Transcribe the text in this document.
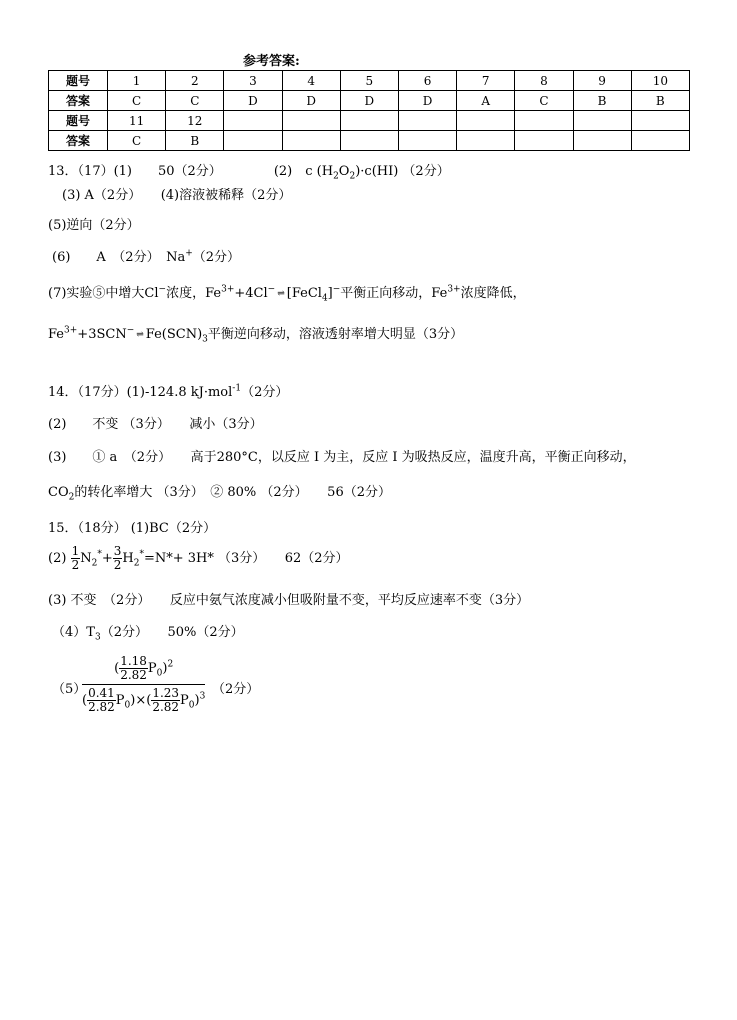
参考答案:
题号	1	2	3	4	5	6	7	8	9	10
答案	C	C	D	D	D	D	A	C	B	B
题号	11	12								
答案	C	B								
13．（17）(1)　　50（2分）	(2)　c $(H_2O_2)\cdot c(HI)$ （2分）
(3) A（2分）　　(4)溶液被稀释（2分）
(5)逆向（2分）
(6)　　A　（2分）　Na+（2分）
(7)实验⑤中增大Cl−浓度，$Fe^{3+}+4Cl^-$ ⇌ [FeCl$_4$]−平衡正向移动，$Fe^{3+}$浓度降低，
$Fe^{3+}+3SCN^-$ ⇌ $Fe(SCN)_3$平衡逆向移动，溶液透射率增大明显（3分）
14．（17分）(1)-124.8 kJ·mol$^{-1}$（2分）
(2)　　不变 （3分）　　减小（3分）
(3)　　① a　（2分）　　高于280°C，以反应 I 为主，反应 I 为吸热反应，温度升高，平衡正向移动，
$CO_2$的转化率增大 （3分）　② 80% （2分）　　56（2分）
15．（18分） (1)BC（2分）
$(2) \frac{1}{2} N_2^*+ \frac{3}{2} H_2^*=N*+ 3H*$ （3分）　　62（2分）
(3) 不变　（2分）　　反应中氨气浓度减小但吸附量不变，平均反应速率不变（3分）
$(4)T_3(2$分）　　50%（2分）
（5）
( $\frac{1.18}{2.82} P_0)^2$
( $\frac{0.41}{2.82} P_0)\times( \frac{1.23}{2.82} P_0)^3$ （2分）
